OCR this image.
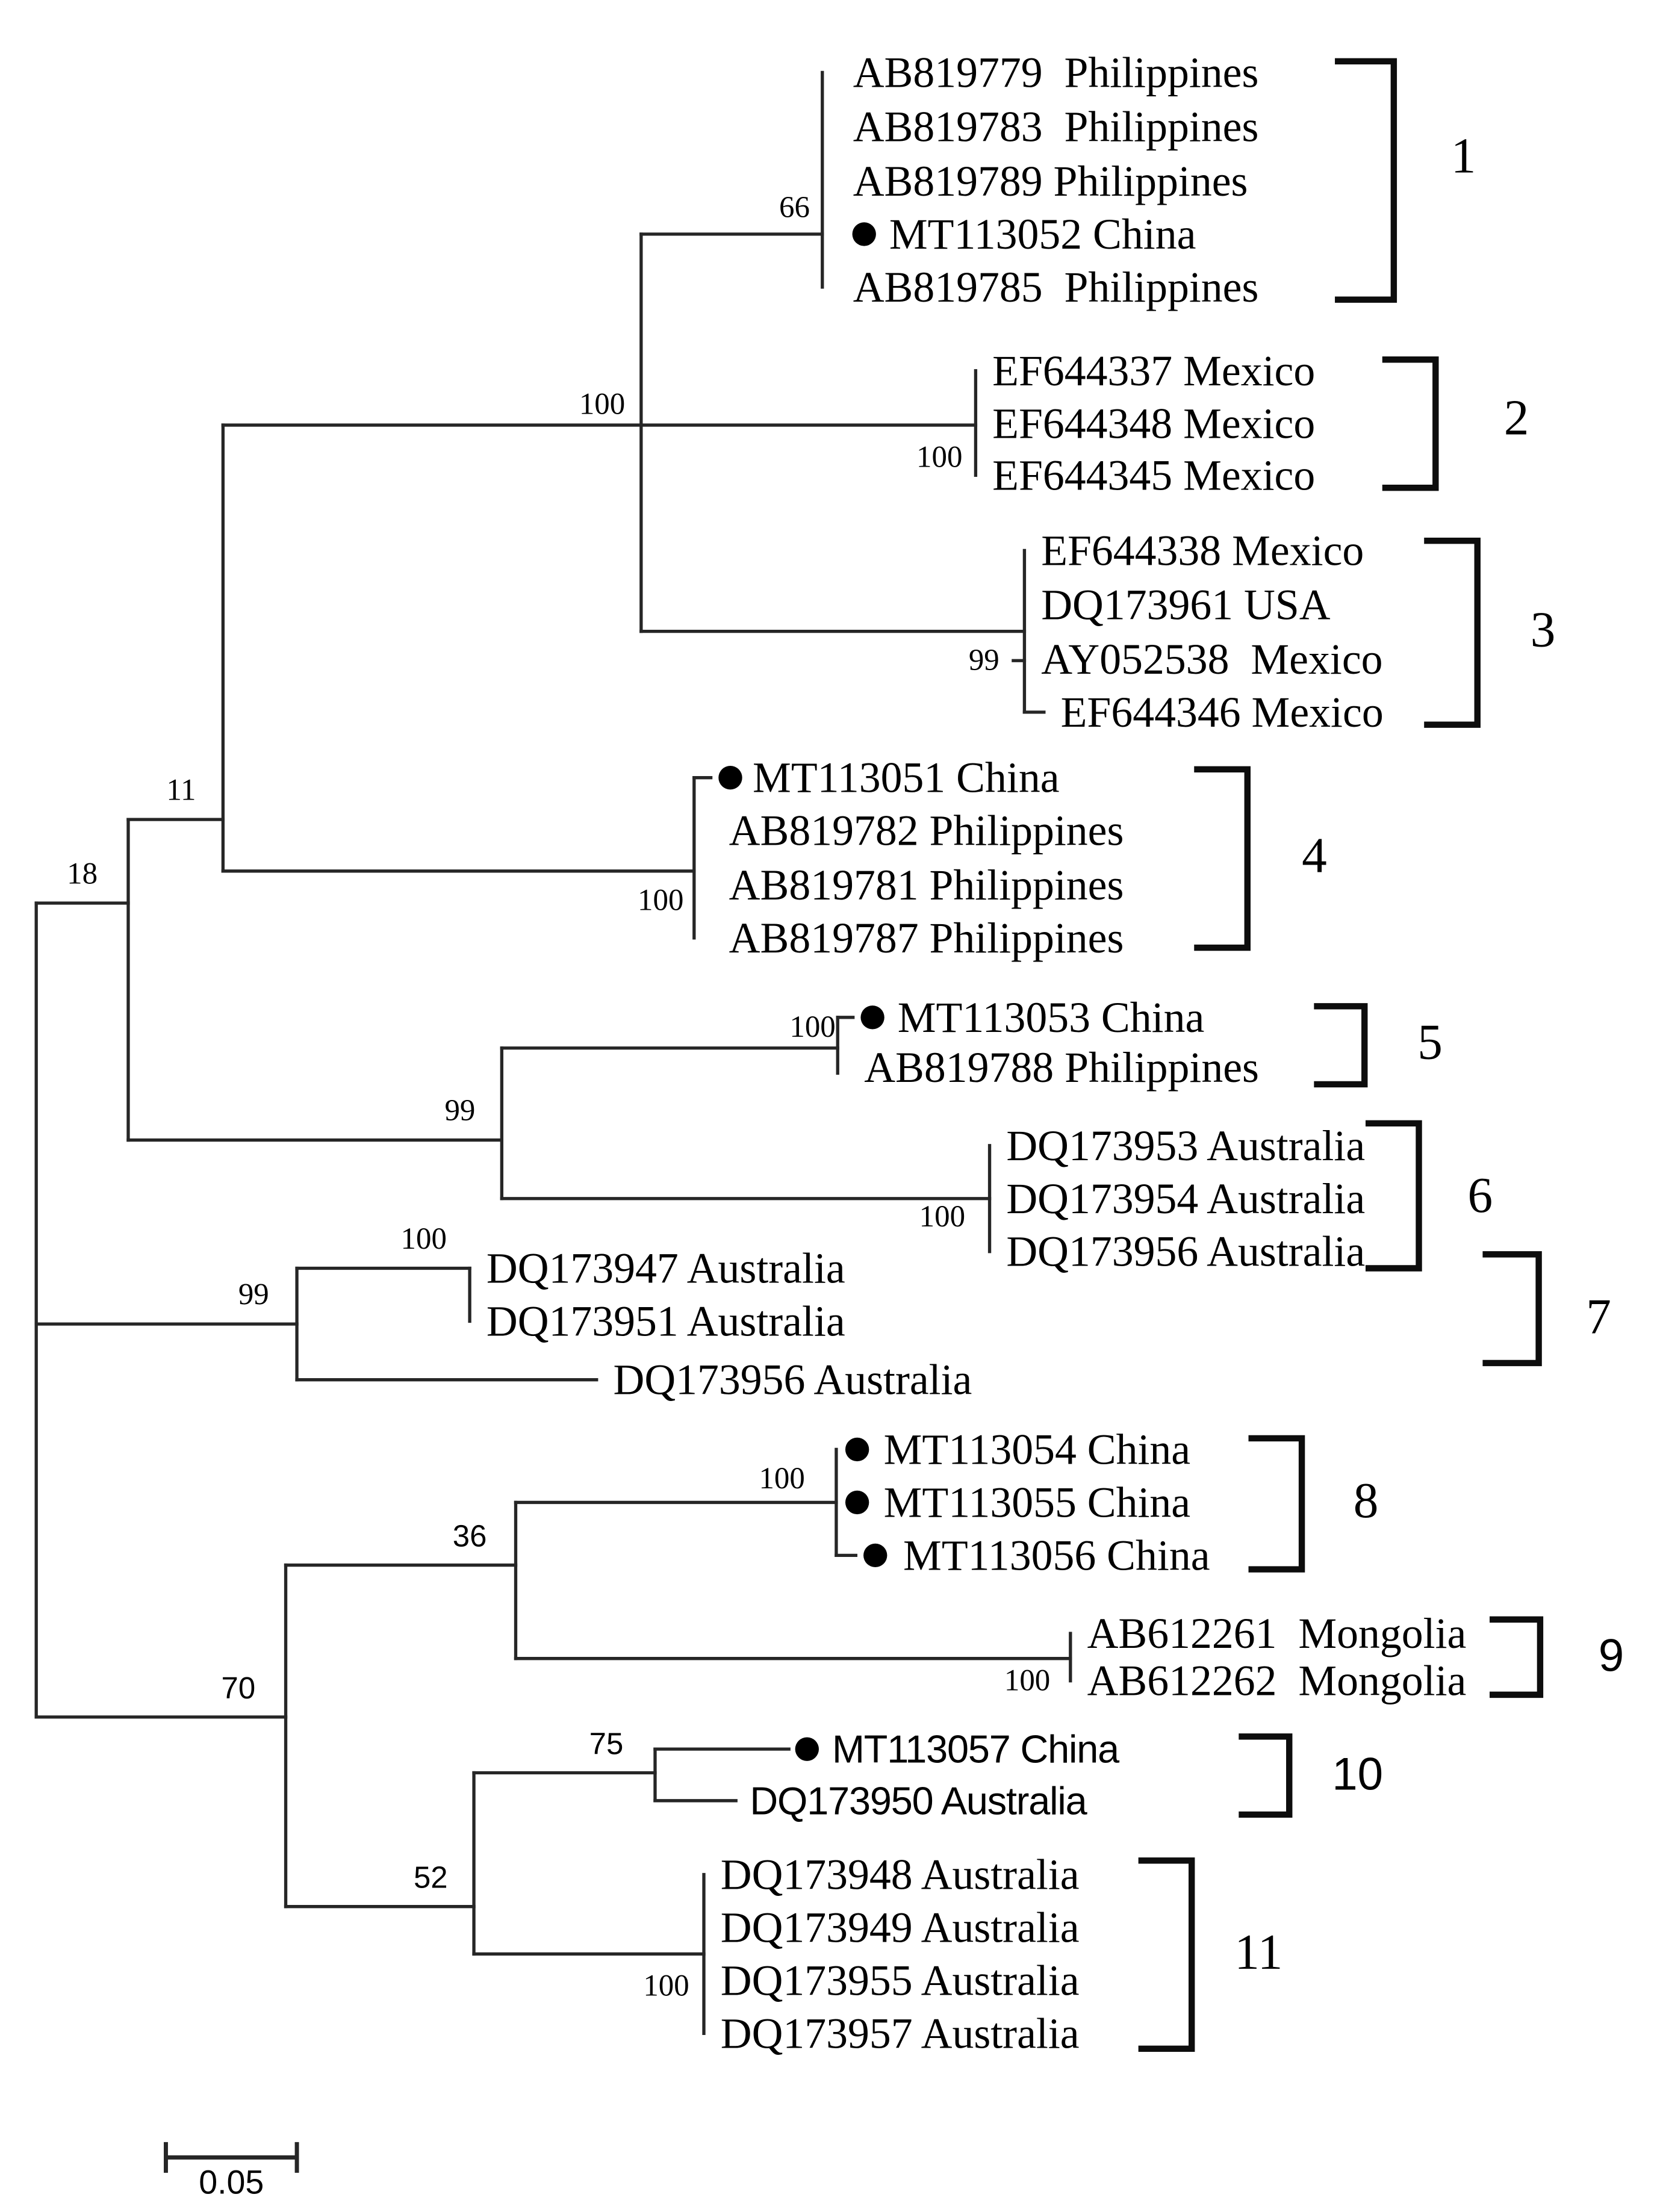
AB819779  Philippines
AB819783  Philippines
AB819789 Philippines
MT113052 China
AB819785  Philippines
EF644337 Mexico
EF644348 Mexico
EF644345 Mexico
EF644338 Mexico
DQ173961 USA
AY052538  Mexico
EF644346 Mexico
MT113051 China
AB819782 Philippines
AB819781 Philippines
AB819787 Philippines
MT113053 China
AB819788 Philippines
DQ173953 Australia
DQ173954 Australia
DQ173956 Australia
DQ173947 Australia
DQ173951 Australia
DQ173956 Australia
MT113054 China
MT113055 China
MT113056 China
AB612261  Mongolia
AB612262  Mongolia
MT113057 China
DQ173950 Australia
DQ173948 Australia
DQ173949 Australia
DQ173955 Australia
DQ173957 Australia
66
100
100
99
100
11
18
99
100
100
99
100
100
36
70	100
75
52
100
1
2
3
4
5
6
7
8
9
10
11
0.05
